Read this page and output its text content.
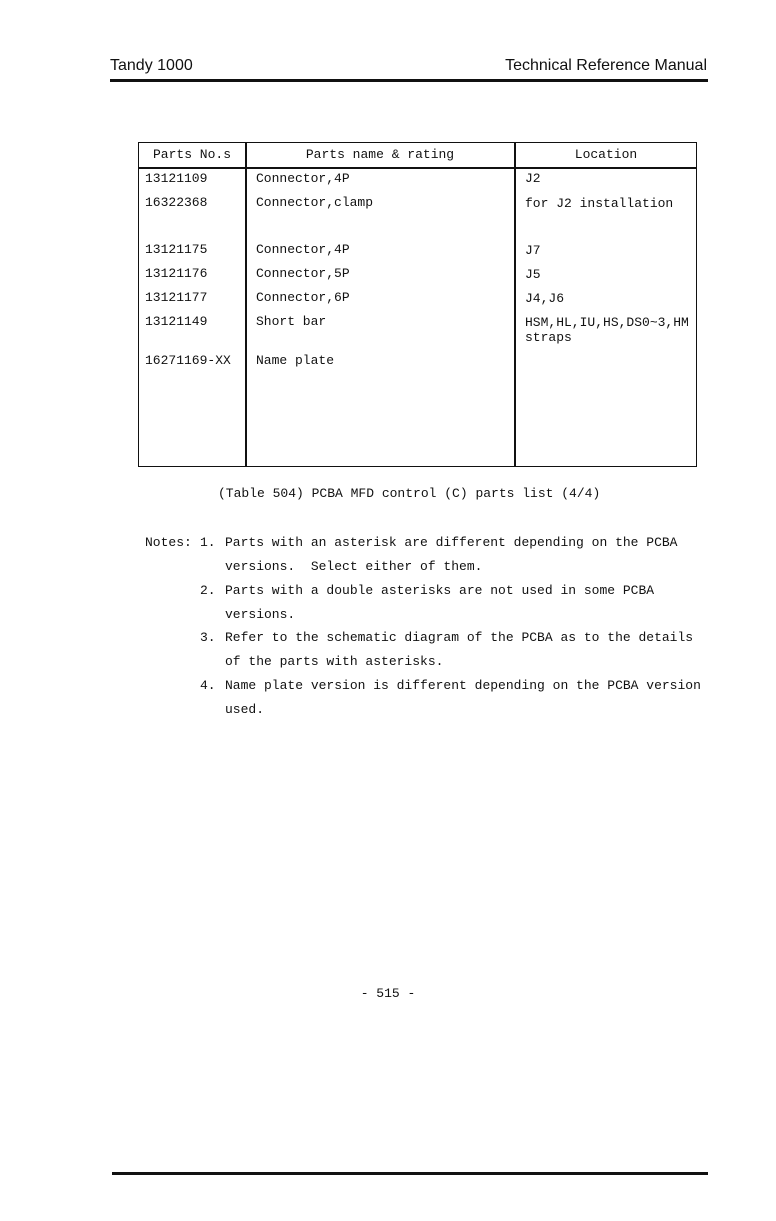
Tandy 1000	Technical Reference Manual
Parts No.s	Parts name & rating	Location
13121109	Connector,4P	J2
16322368	Connector,clamp	for J2 installation
13121175	Connector,4P	J7
13121176	Connector,5P	J5
13121177	Connector,6P	J4,J6
13121149	Short bar	HSM,HL,IU,HS,DS0~3,HM
straps
16271169-XX Name plate
(Table 504) PCBA MFD control (C) parts list (4/4)
Notes: 1. Parts with an asterisk are different depending on the PCBA
versions.  Select either of them.
2. Parts with a double asterisks are not used in some PCBA
versions.
3. Refer to the schematic diagram of the PCBA as to the details
of the parts with asterisks.
4. Name plate version is different depending on the PCBA version
used.
- 515 -
